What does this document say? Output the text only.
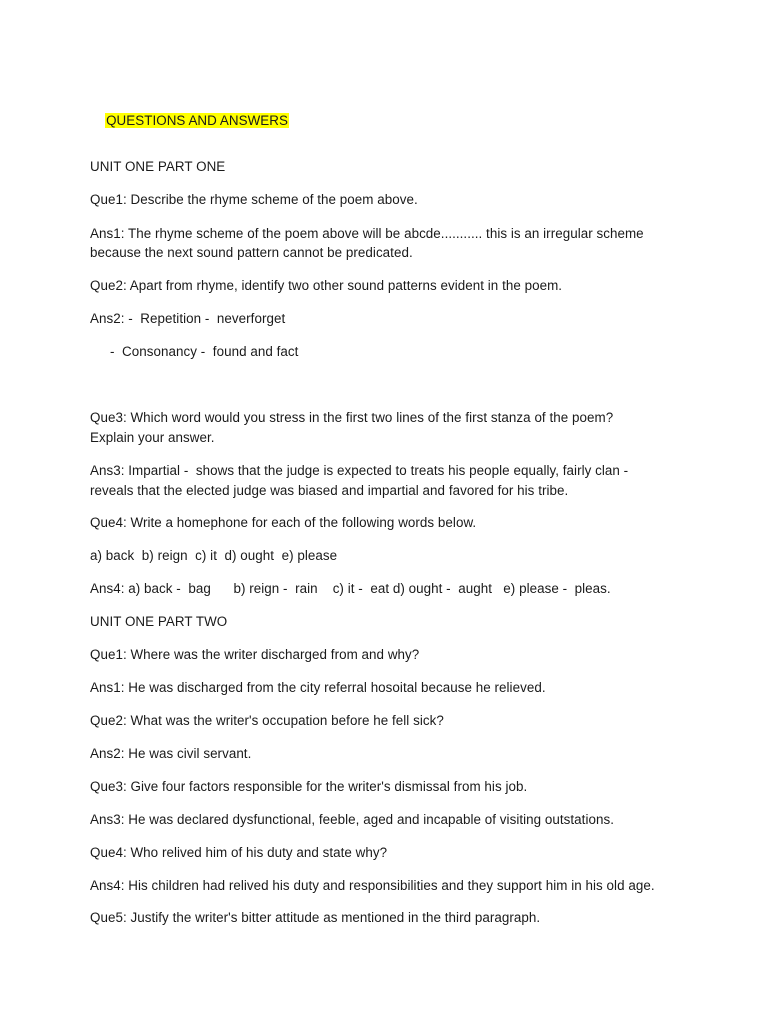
QUESTIONS AND ANSWERS

UNIT ONE PART ONE
Que1: Describe the rhyme scheme of the poem above.
Ans1: The rhyme scheme of the poem above will be abcde........... this is an irregular scheme
because the next sound pattern cannot be predicated.
Que2: Apart from rhyme, identify two other sound patterns evident in the poem.
Ans2: -  Repetition -  neverforget
-  Consonancy -  found and fact
Que3: Which word would you stress in the first two lines of the first stanza of the poem?
Explain your answer.
Ans3: Impartial -  shows that the judge is expected to treats his people equally, fairly clan -
reveals that the elected judge was biased and impartial and favored for his tribe.
Que4: Write a homephone for each of the following words below.
a) back  b) reign  c) it  d) ought  e) please
Ans4: a) back -  bag      b) reign -  rain    c) it -  eat d) ought -  aught   e) please -  pleas.
UNIT ONE PART TWO
Que1: Where was the writer discharged from and why?
Ans1: He was discharged from the city referral hosoital because he relieved.
Que2: What was the writer's occupation before he fell sick?
Ans2: He was civil servant.
Que3: Give four factors responsible for the writer's dismissal from his job.
Ans3: He was declared dysfunctional, feeble, aged and incapable of visiting outstations.
Que4: Who relived him of his duty and state why?
Ans4: His children had relived his duty and responsibilities and they support him in his old age.
Que5: Justify the writer's bitter attitude as mentioned in the third paragraph.
